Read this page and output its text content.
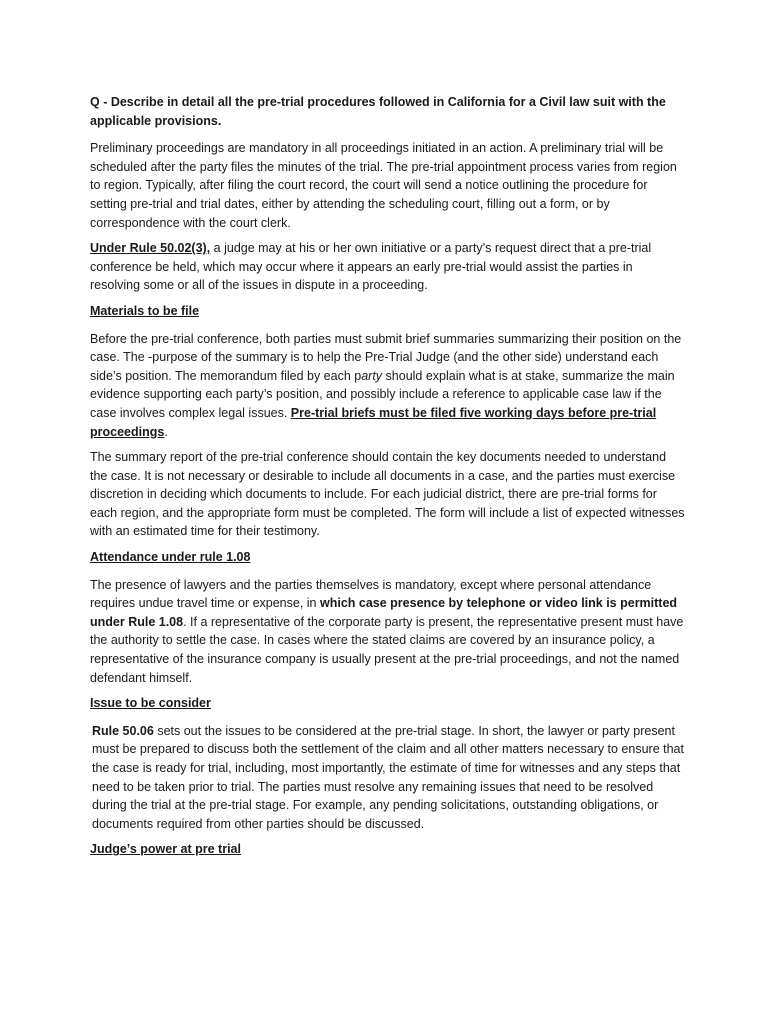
Q - Describe in detail all the pre-trial procedures followed in California for a Civil law suit with the applicable provisions.

Preliminary proceedings are mandatory in all proceedings initiated in an action. A preliminary trial will be scheduled after the party files the minutes of the trial. The pre-trial appointment process varies from region to region. Typically, after filing the court record, the court will send a notice outlining the procedure for setting pre-trial and trial dates, either by attending the scheduling court, filling out a form, or by correspondence with the court clerk.

Under Rule 50.02(3), a judge may at his or her own initiative or a party’s request direct that a pre-trial conference be held, which may occur where it appears an early pre-trial would assist the parties in resolving some or all of the issues in dispute in a proceeding.

Materials to be file

Before the pre-trial conference, both parties must submit brief summaries summarizing their position on the case. The -purpose of the summary is to help the Pre-Trial Judge (and the other side) understand each side’s position. The memorandum filed by each party should explain what is at stake, summarize the main evidence supporting each party’s position, and possibly include a reference to applicable case law if the case involves complex legal issues. Pre-trial briefs must be filed five working days before pre-trial proceedings.

The summary report of the pre-trial conference should contain the key documents needed to understand the case. It is not necessary or desirable to include all documents in a case, and the parties must exercise discretion in deciding which documents to include. For each judicial district, there are pre-trial forms for each region, and the appropriate form must be completed. The form will include a list of expected witnesses with an estimated time for their testimony.

Attendance under rule 1.08

The presence of lawyers and the parties themselves is mandatory, except where personal attendance requires undue travel time or expense, in which case presence by telephone or video link is permitted under Rule 1.08. If a representative of the corporate party is present, the representative present must have the authority to settle the case. In cases where the stated claims are covered by an insurance policy, a representative of the insurance company is usually present at the pre-trial proceedings, and not the named defendant himself.

Issue to be consider

Rule 50.06 sets out the issues to be considered at the pre-trial stage. In short, the lawyer or party present must be prepared to discuss both the settlement of the claim and all other matters necessary to ensure that the case is ready for trial, including, most importantly, the estimate of time for witnesses and any steps that need to be taken prior to trial. The parties must resolve any remaining issues that need to be resolved during the trial at the pre-trial stage. For example, any pending solicitations, outstanding obligations, or documents required from other parties should be discussed.

Judge’s power at pre trial
